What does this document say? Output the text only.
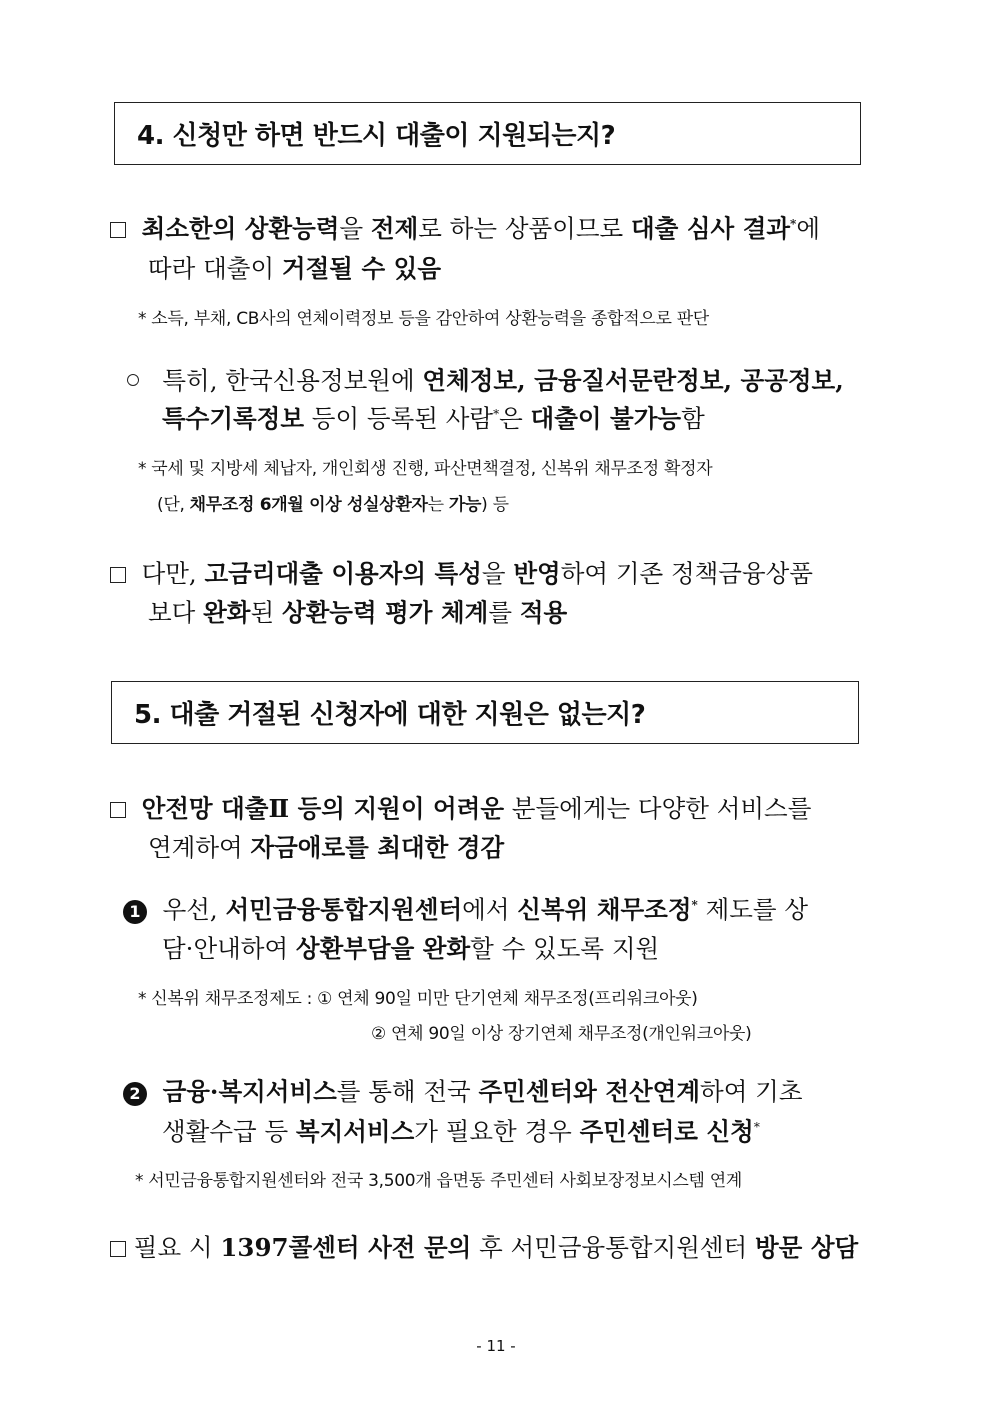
4. 신청만 하면 반드시 대출이 지원되는지?
최소한의 상환능력을 전제로 하는 상품이므로 대출 심사 결과*에
따라 대출이 거절될 수 있음
* 소득, 부채, CB사의 연체이력정보 등을 감안하여 상환능력을 종합적으로 판단
특히, 한국신용정보원에 연체정보, 금융질서문란정보, 공공정보,
특수기록정보 등이 등록된 사람*은 대출이 불가능함
* 국세 및 지방세 체납자, 개인회생 진행, 파산면책결정, 신복위 채무조정 확정자
(단, 채무조정 6개월 이상 성실상환자는 가능) 등
다만, 고금리대출 이용자의 특성을 반영하여 기존 정책금융상품
보다 완화된 상환능력 평가 체계를 적용
5. 대출 거절된 신청자에 대한 지원은 없는지?
안전망 대출Ⅱ 등의 지원이 어려운 분들에게는 다양한 서비스를
연계하여 자금애로를 최대한 경감
1 우선, 서민금융통합지원센터에서 신복위 채무조정* 제도를 상
담·안내하여 상환부담을 완화할 수 있도록 지원
* 신복위 채무조정제도 : ① 연체 90일 미만 단기연체 채무조정(프리워크아웃)
② 연체 90일 이상 장기연체 채무조정(개인워크아웃)
2 금융·복지서비스를 통해 전국 주민센터와 전산연계하여 기초
생활수급 등 복지서비스가 필요한 경우 주민센터로 신청*
* 서민금융통합지원센터와 전국 3,500개 읍면동 주민센터 사회보장정보시스템 연계
필요 시 1397콜센터 사전 문의 후 서민금융통합지원센터 방문 상담
- 11 -
